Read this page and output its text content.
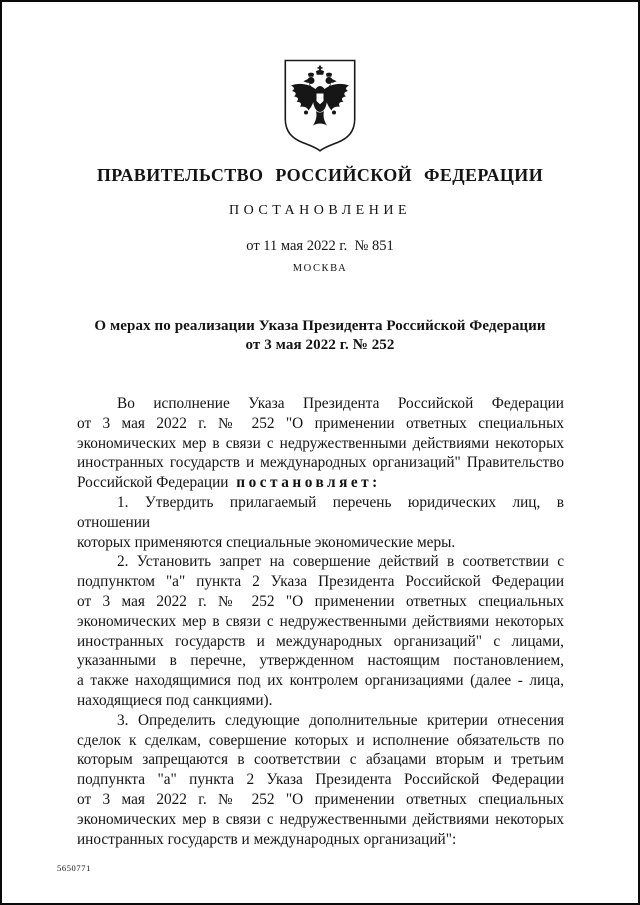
ПРАВИТЕЛЬСТВО РОССИЙСКОЙ ФЕДЕРАЦИИ
ПОСТАНОВЛЕНИЕ
от 11 мая 2022 г.  № 851
МОСКВА
О мерах по реализации Указа Президента Российской Федерации
от 3 мая 2022 г. № 252
Во исполнение Указа Президента Российской Федерации
от 3 мая 2022 г. № 252 "О применении ответных специальных
экономических мер в связи с недружественными действиями некоторых
иностранных государств и международных организаций" Правительство
Российской Федерации постановляет:
1. Утвердить прилагаемый перечень юридических лиц, в отношении
которых применяются специальные экономические меры.
2. Установить запрет на совершение действий в соответствии с
подпунктом "а" пункта 2 Указа Президента Российской Федерации
от 3 мая 2022 г. № 252 "О применении ответных специальных
экономических мер в связи с недружественными действиями некоторых
иностранных государств и международных организаций" с лицами,
указанными в перечне, утвержденном настоящим постановлением,
а также находящимися под их контролем организациями (далее - лица,
находящиеся под санкциями).
3. Определить следующие дополнительные критерии отнесения
сделок к сделкам, совершение которых и исполнение обязательств по
которым запрещаются в соответствии с абзацами вторым и третьим
подпункта "а" пункта 2 Указа Президента Российской Федерации
от 3 мая 2022 г. № 252 "О применении ответных специальных
экономических мер в связи с недружественными действиями некоторых
иностранных государств и международных организаций":
5650771
